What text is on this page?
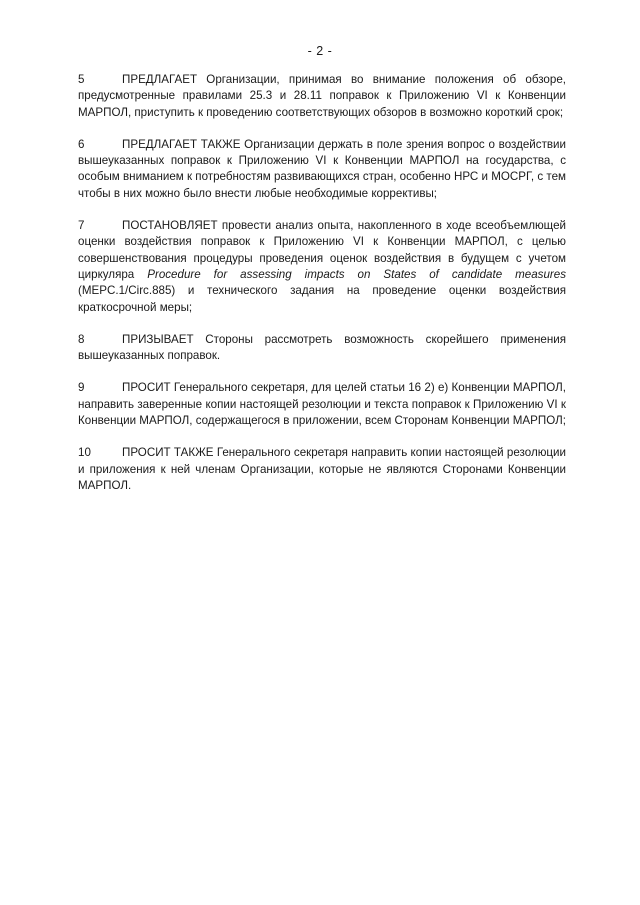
- 2 -

5	ПРЕДЛАГАЕТ Организации, принимая во внимание положения об обзоре, предусмотренные правилами 25.3 и 28.11 поправок к Приложению VI к Конвенции МАРПОЛ, приступить к проведению соответствующих обзоров в возможно короткий срок;

6	ПРЕДЛАГАЕТ ТАКЖЕ Организации держать в поле зрения вопрос о воздействии вышеуказанных поправок к Приложению VI к Конвенции МАРПОЛ на государства, с особым вниманием к потребностям развивающихся стран, особенно НРС и МОСРГ, с тем чтобы в них можно было внести любые необходимые коррективы;

7	ПОСТАНОВЛЯЕТ провести анализ опыта, накопленного в ходе всеобъемлющей оценки воздействия поправок к Приложению VI к Конвенции МАРПОЛ, с целью совершенствования процедуры проведения оценок воздействия в будущем с учетом циркуляра Procedure for assessing impacts on States of candidate measures (MEPC.1/Circ.885) и технического задания на проведение оценки воздействия краткосрочной меры;

8	ПРИЗЫВАЕТ Стороны рассмотреть возможность скорейшего применения вышеуказанных поправок.

9	ПРОСИТ Генерального секретаря, для целей статьи 16 2) e) Конвенции МАРПОЛ, направить заверенные копии настоящей резолюции и текста поправок к Приложению VI к Конвенции МАРПОЛ, содержащегося в приложении, всем Сторонам Конвенции МАРПОЛ;

10	ПРОСИТ ТАКЖЕ Генерального секретаря направить копии настоящей резолюции и приложения к ней членам Организации, которые не являются Сторонами Конвенции МАРПОЛ.
